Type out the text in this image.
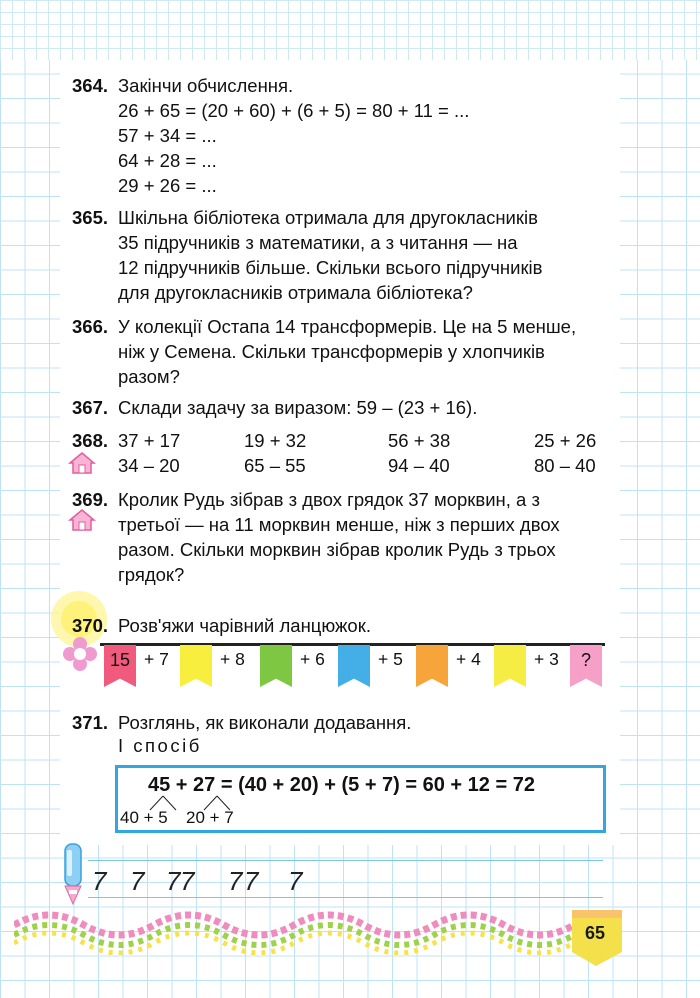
364. Закінчи обчислення.
26 + 65 = (20 + 60) + (6 + 5) = 80 + 11 = ...
57 + 34 = ...
64 + 28 = ...
29 + 26 = ...
365. Шкільна бібліотека отримала для другокласників
35 підручників з математики, а з читання — на
12 підручників більше. Скільки всього підручників
для другокласників отримала бібліотека?
366. У колекції Остапа 14 трансформерів. Це на 5 менше,
ніж у Семена. Скільки трансформерів у хлопчиків
разом?
367. Склади задачу за виразом: 59 – (23 + 16).
368. 37 + 17	19 + 32	56 + 38	25 + 26
34 – 20	65 – 55	94 – 40	80 – 40
369. Кролик Рудь зібрав з двох грядок 37 морквин, а з
третьої — на 11 морквин менше, ніж з перших двох
разом. Скільки морквин зібрав кролик Рудь з трьох
грядок?
370. Розв'яжи чарівний ланцюжок.
15	?
+ 7	+ 8	+ 6	+ 5	+ 4	+ 3
371. Розглянь, як виконали додавання.
І спосіб
45 + 27 = (40 + 20) + (5 + 7) = 60 + 12 = 72
40 + 5 20 + 7
7 7 7 7 7 7 7
65
